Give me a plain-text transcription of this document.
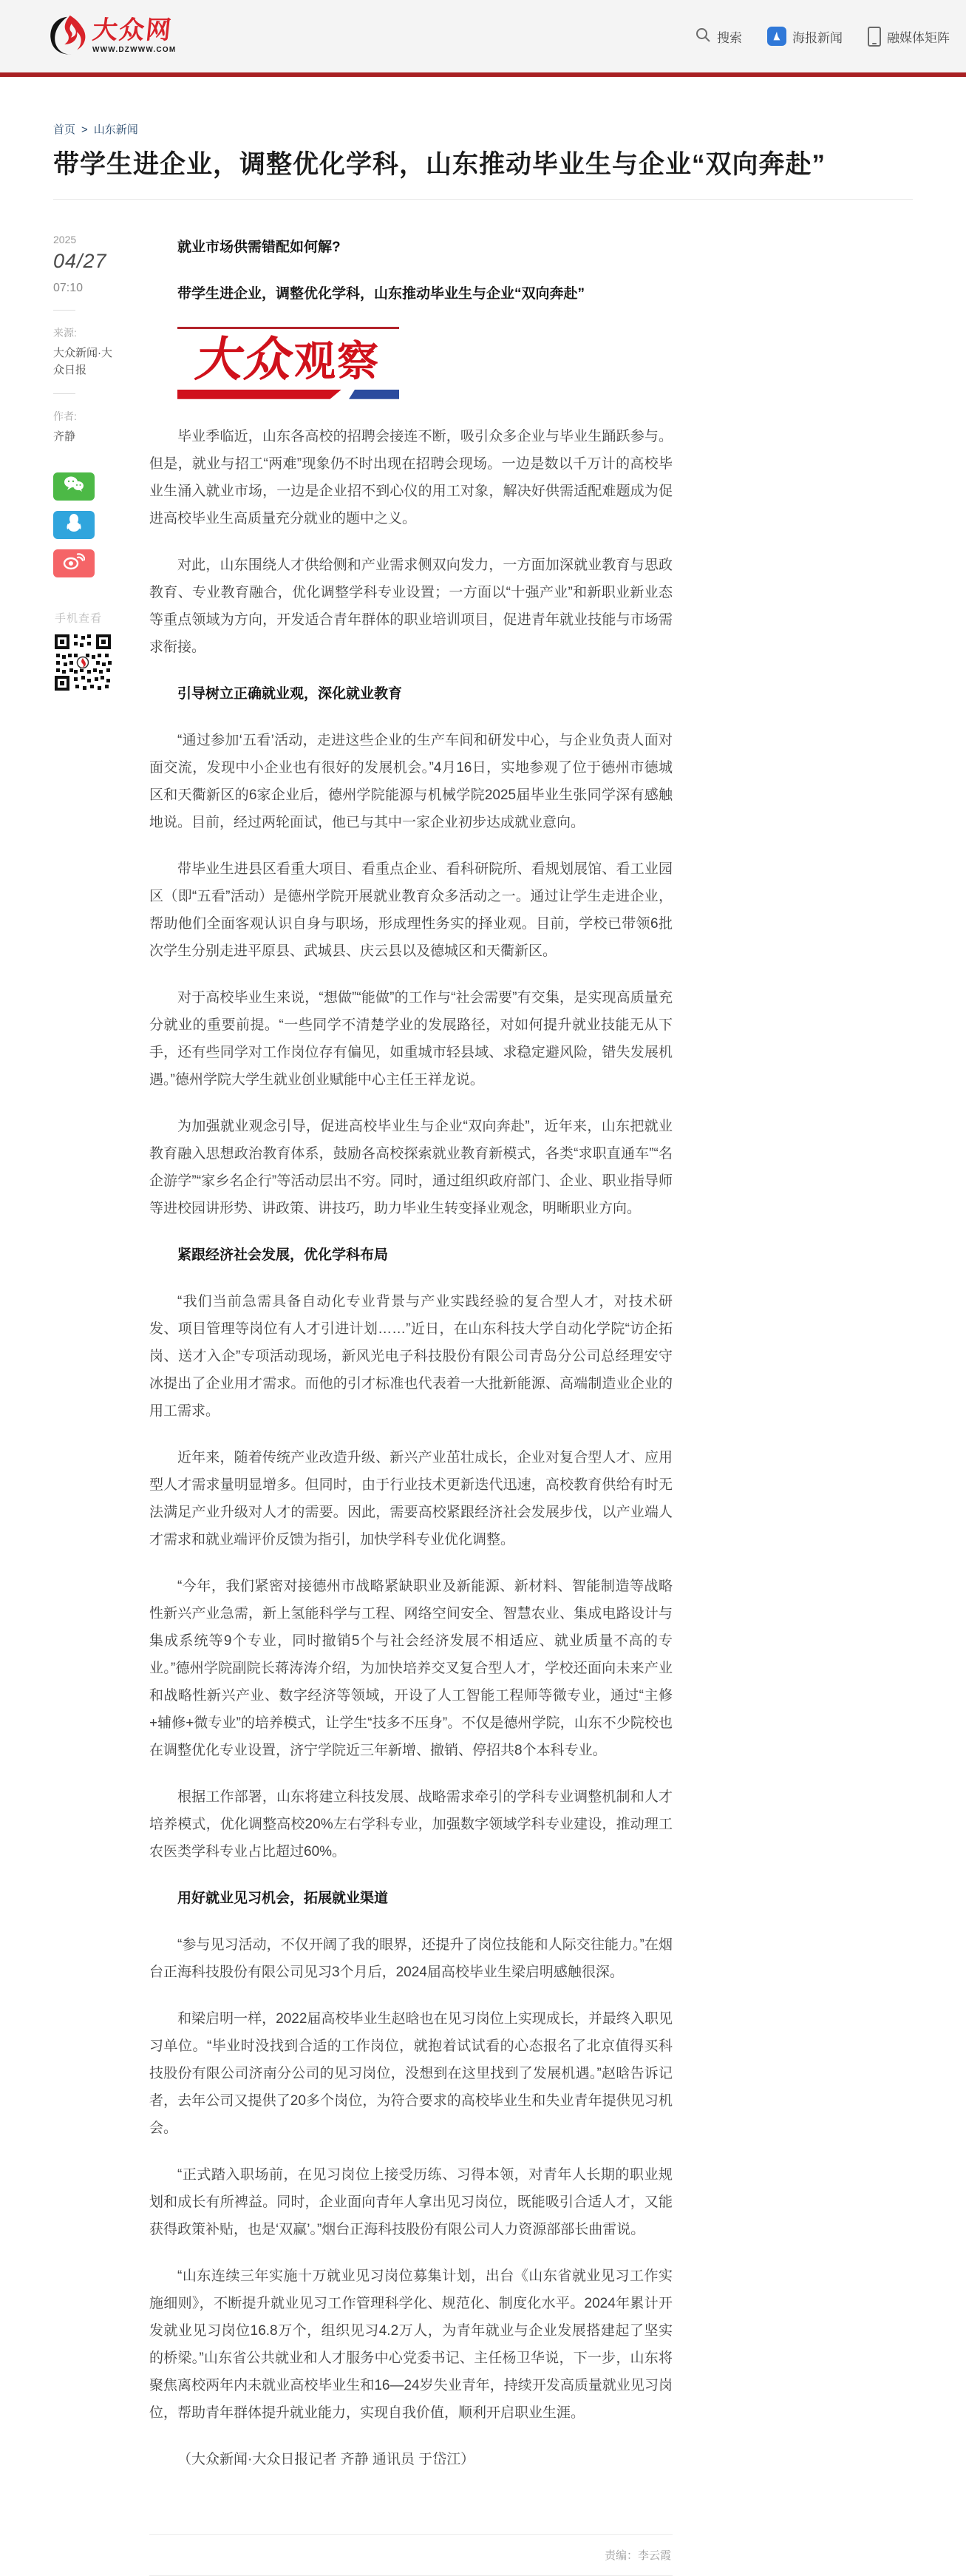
大众网
WWW.DZWWW.COM
搜索	海报新闻	融媒体矩阵
首页 > 山东新闻
带学生进企业，调整优化学科，山东推动毕业生与企业“双向奔赴”
2025
04/27
07:10
来源:
大众新闻·大众日报
作者:
齐静
手机查看

就业市场供需错配如何解?

带学生进企业，调整优化学科，山东推动毕业生与企业“双向奔赴”

大众
观察

毕业季临近，山东各高校的招聘会接连不断，吸引众多企业与毕业生踊跃参与。但是，就业与招工“两难”现象仍不时出现在招聘会现场。一边是数以千万计的高校毕业生涌入就业市场，一边是企业招不到心仪的用工对象，解决好供需适配难题成为促进高校毕业生高质量充分就业的题中之义。

对此，山东围绕人才供给侧和产业需求侧双向发力，一方面加深就业教育与思政教育、专业教育融合，优化调整学科专业设置；一方面以“十强产业”和新职业新业态等重点领域为方向，开发适合青年群体的职业培训项目，促进青年就业技能与市场需求衔接。

引导树立正确就业观，深化就业教育

“通过参加‘五看’活动，走进这些企业的生产车间和研发中心，与企业负责人面对面交流，发现中小企业也有很好的发展机会。”4月16日，实地参观了位于德州市德城区和天衢新区的6家企业后，德州学院能源与机械学院2025届毕业生张同学深有感触地说。目前，经过两轮面试，他已与其中一家企业初步达成就业意向。

带毕业生进县区看重大项目、看重点企业、看科研院所、看规划展馆、看工业园区（即“五看”活动）是德州学院开展就业教育众多活动之一。通过让学生走进企业，帮助他们全面客观认识自身与职场，形成理性务实的择业观。目前，学校已带领6批次学生分别走进平原县、武城县、庆云县以及德城区和天衢新区。

对于高校毕业生来说，“想做”“能做”的工作与“社会需要”有交集，是实现高质量充分就业的重要前提。“一些同学不清楚学业的发展路径，对如何提升就业技能无从下手，还有些同学对工作岗位存有偏见，如重城市轻县域、求稳定避风险，错失发展机遇。”德州学院大学生就业创业赋能中心主任王祥龙说。

为加强就业观念引导，促进高校毕业生与企业“双向奔赴”，近年来，山东把就业教育融入思想政治教育体系，鼓励各高校探索就业教育新模式，各类“求职直通车”“名企游学”“家乡名企行”等活动层出不穷。同时，通过组织政府部门、企业、职业指导师等进校园讲形势、讲政策、讲技巧，助力毕业生转变择业观念，明晰职业方向。

紧跟经济社会发展，优化学科布局

“我们当前急需具备自动化专业背景与产业实践经验的复合型人才，对技术研发、项目管理等岗位有人才引进计划……”近日，在山东科技大学自动化学院“访企拓岗、送才入企”专项活动现场，新风光电子科技股份有限公司青岛分公司总经理安守冰提出了企业用才需求。而他的引才标准也代表着一大批新能源、高端制造业企业的用工需求。

近年来，随着传统产业改造升级、新兴产业茁壮成长，企业对复合型人才、应用型人才需求量明显增多。但同时，由于行业技术更新迭代迅速，高校教育供给有时无法满足产业升级对人才的需要。因此，需要高校紧跟经济社会发展步伐，以产业端人才需求和就业端评价反馈为指引，加快学科专业优化调整。

“今年，我们紧密对接德州市战略紧缺职业及新能源、新材料、智能制造等战略性新兴产业急需，新上氢能科学与工程、网络空间安全、智慧农业、集成电路设计与集成系统等9个专业，同时撤销5个与社会经济发展不相适应、就业质量不高的专业。”德州学院副院长蒋涛涛介绍，为加快培养交叉复合型人才，学校还面向未来产业和战略性新兴产业、数字经济等领域，开设了人工智能工程师等微专业，通过“主修+辅修+微专业”的培养模式，让学生“技多不压身”。不仅是德州学院，山东不少院校也在调整优化专业设置，济宁学院近三年新增、撤销、停招共8个本科专业。

根据工作部署，山东将建立科技发展、战略需求牵引的学科专业调整机制和人才培养模式，优化调整高校20%左右学科专业，加强数字领域学科专业建设，推动理工农医类学科专业占比超过60%。

用好就业见习机会，拓展就业渠道

“参与见习活动，不仅开阔了我的眼界，还提升了岗位技能和人际交往能力。”在烟台正海科技股份有限公司见习3个月后，2024届高校毕业生梁启明感触很深。

和梁启明一样，2022届高校毕业生赵晗也在见习岗位上实现成长，并最终入职见习单位。“毕业时没找到合适的工作岗位，就抱着试试看的心态报名了北京值得买科技股份有限公司济南分公司的见习岗位，没想到在这里找到了发展机遇。”赵晗告诉记者，去年公司又提供了20多个岗位，为符合要求的高校毕业生和失业青年提供见习机会。

“正式踏入职场前，在见习岗位上接受历练、习得本领，对青年人长期的职业规划和成长有所裨益。同时，企业面向青年人拿出见习岗位，既能吸引合适人才，又能获得政策补贴，也是‘双赢’。”烟台正海科技股份有限公司人力资源部部长曲雷说。

“山东连续三年实施十万就业见习岗位募集计划，出台《山东省就业见习工作实施细则》，不断提升就业见习工作管理科学化、规范化、制度化水平。2024年累计开发就业见习岗位16.8万个，组织见习4.2万人，为青年就业与企业发展搭建起了坚实的桥梁。”山东省公共就业和人才服务中心党委书记、主任杨卫华说，下一步，山东将聚焦离校两年内未就业高校毕业生和16—24岁失业青年，持续开发高质量就业见习岗位，帮助青年群体提升就业能力，实现自我价值，顺利开启职业生涯。

（大众新闻·大众日报记者 齐静 通讯员 于岱江）

责编：李云霞
